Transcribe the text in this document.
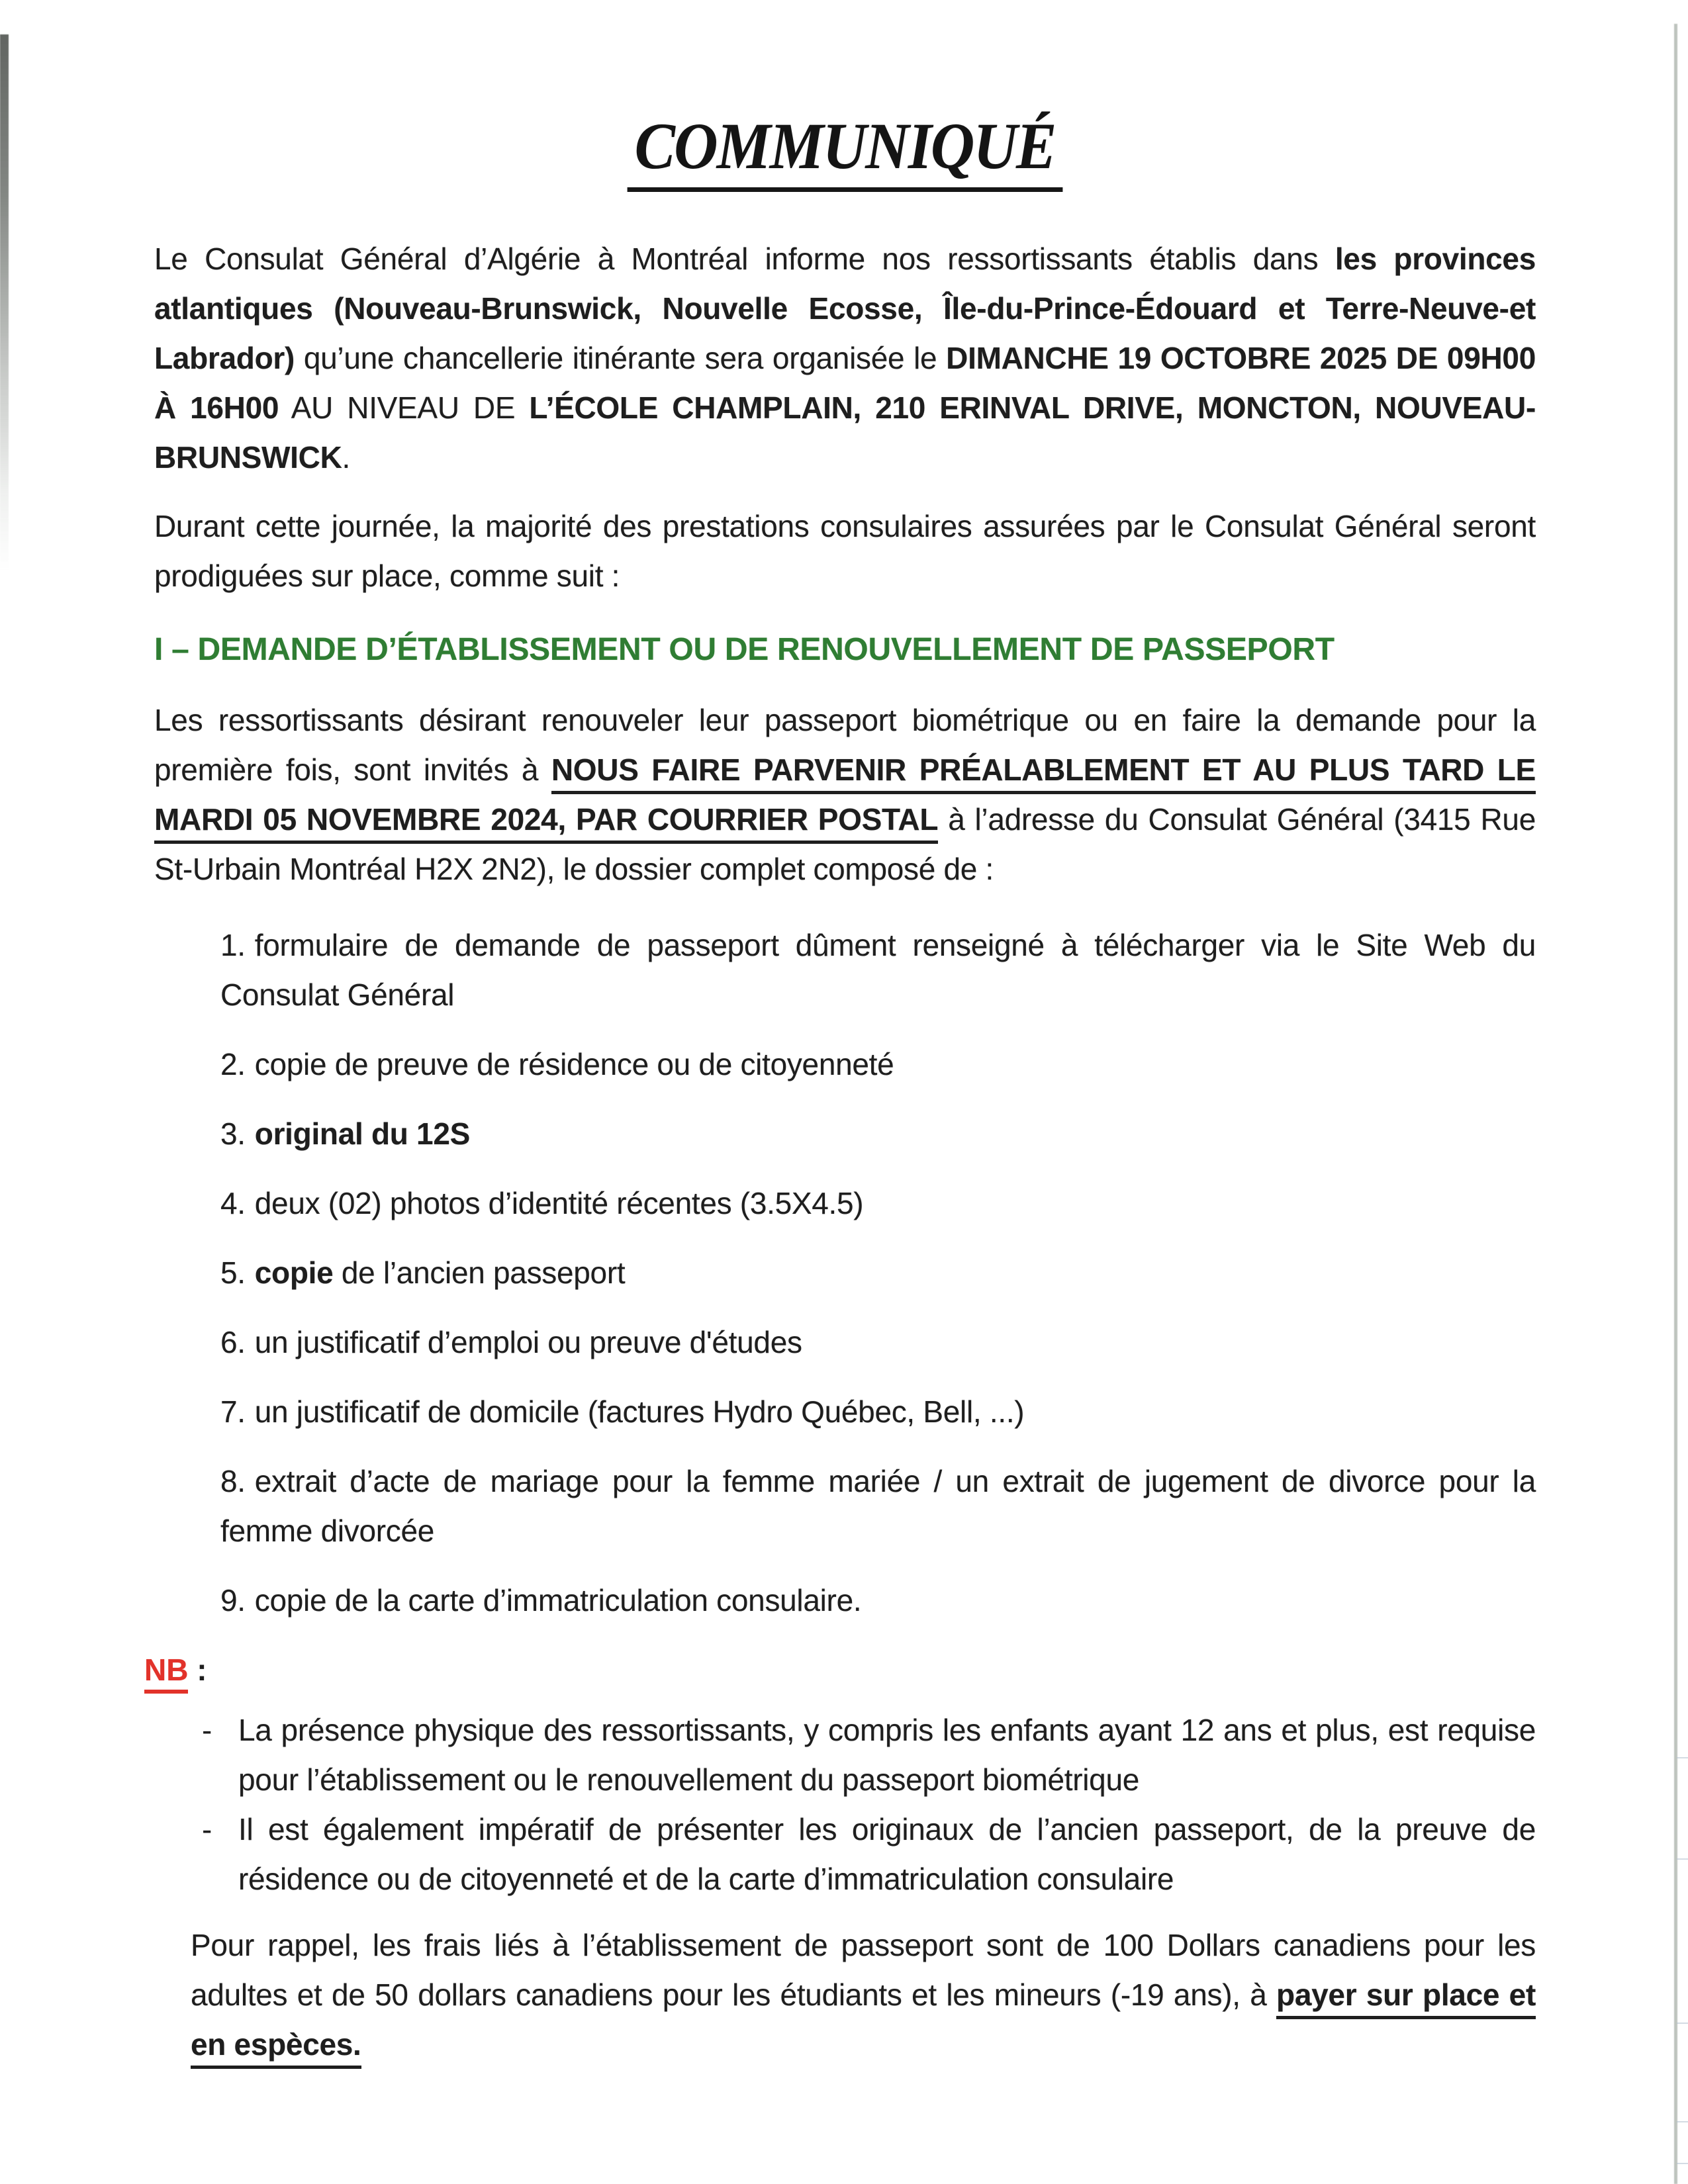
COMMUNIQUÉ

Le Consulat Général d’Algérie à Montréal informe nos ressortissants établis dans les provinces atlantiques (Nouveau-Brunswick, Nouvelle Ecosse, Île-du-Prince-Édouard et Terre-Neuve-et Labrador) qu’une chancellerie itinérante sera organisée le DIMANCHE 19 OCTOBRE 2025 DE 09H00 À 16H00 AU NIVEAU DE L’ÉCOLE CHAMPLAIN, 210 ERINVAL DRIVE, MONCTON, NOUVEAU-BRUNSWICK.

Durant cette journée, la majorité des prestations consulaires assurées par le Consulat Général seront prodiguées sur place, comme suit :

I – DEMANDE D’ÉTABLISSEMENT OU DE RENOUVELLEMENT DE PASSEPORT

Les ressortissants désirant renouveler leur passeport biométrique ou en faire la demande pour la première fois, sont invités à NOUS FAIRE PARVENIR PRÉALABLEMENT ET AU PLUS TARD LE MARDI 05 NOVEMBRE 2024, PAR COURRIER POSTAL à l’adresse du Consulat Général (3415 Rue St-Urbain Montréal H2X 2N2), le dossier complet composé de :

1. formulaire de demande de passeport dûment renseigné à télécharger via le Site Web du Consulat Général
2. copie de preuve de résidence ou de citoyenneté
3. original du 12S
4. deux (02) photos d’identité récentes (3.5X4.5)
5. copie de l’ancien passeport
6. un justificatif d’emploi ou preuve d'études
7. un justificatif de domicile (factures Hydro Québec, Bell, ...)
8. extrait d’acte de mariage pour la femme mariée / un extrait de jugement de divorce pour la femme divorcée
9. copie de la carte d’immatriculation consulaire.
NB :
- La présence physique des ressortissants, y compris les enfants ayant 12 ans et plus, est requise pour l’établissement ou le renouvellement du passeport biométrique
- Il est également impératif de présenter les originaux de l’ancien passeport, de la preuve de résidence ou de citoyenneté et de la carte d’immatriculation consulaire

Pour rappel, les frais liés à l’établissement de passeport sont de 100 Dollars canadiens pour les adultes et de 50 dollars canadiens pour les étudiants et les mineurs (-19 ans), à payer sur place et en espèces.
